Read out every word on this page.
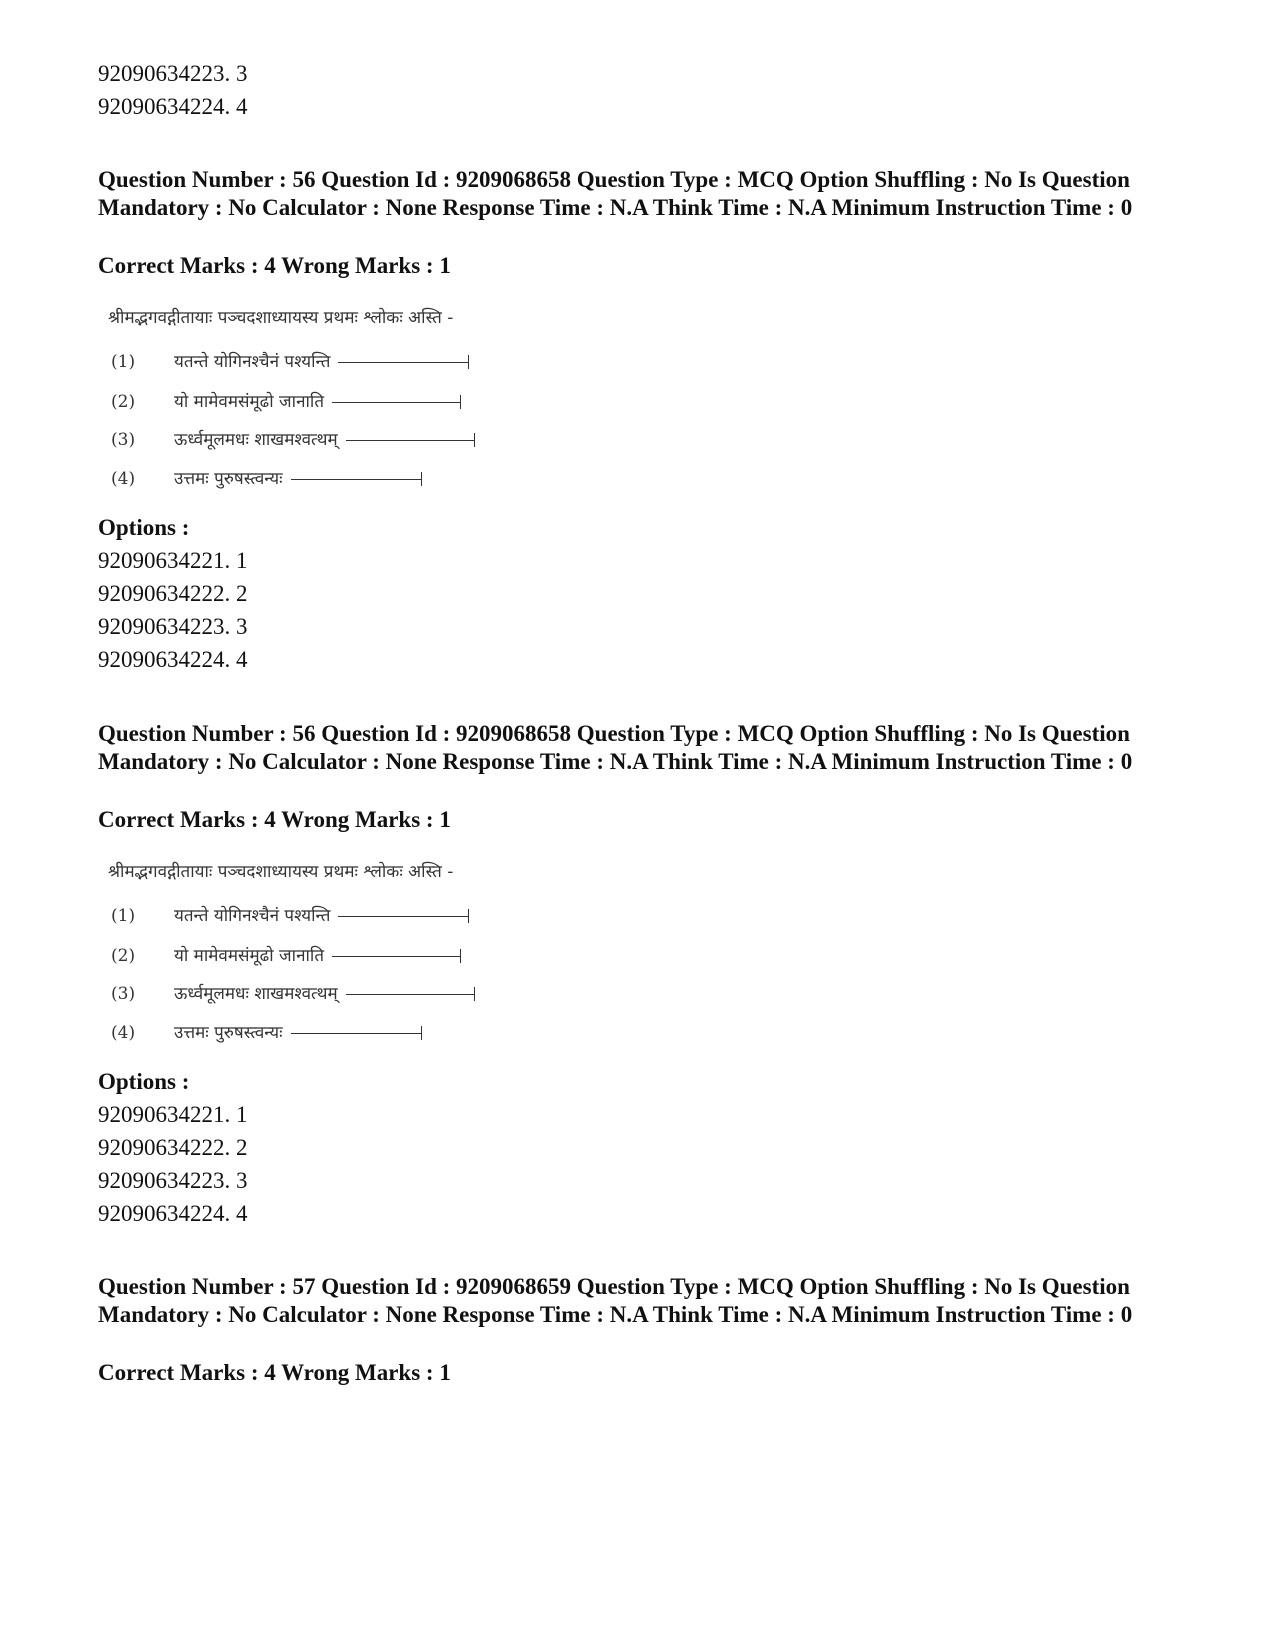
92090634223. 3
92090634224. 4
Question Number : 56 Question Id : 9209068658 Question Type : MCQ Option Shuffling : No Is Question Mandatory : No Calculator : None Response Time : N.A Think Time : N.A Minimum Instruction Time : 0
Correct Marks : 4 Wrong Marks : 1
श्रीमद्भगवद्गीतायाः पञ्चदशाध्यायस्य प्रथमः श्लोकः अस्ति -
(1) यतन्ते योगिनश्चैनं पश्यन्ति
(2) यो मामेवमसंमूढो जानाति
(3) ऊर्ध्वमूलमधः शाखमश्वत्थम्
(4) उत्तमः पुरुषस्त्वन्यः
Options :
92090634221. 1
92090634222. 2
92090634223. 3
92090634224. 4
Question Number : 56 Question Id : 9209068658 Question Type : MCQ Option Shuffling : No Is Question Mandatory : No Calculator : None Response Time : N.A Think Time : N.A Minimum Instruction Time : 0
Correct Marks : 4 Wrong Marks : 1
श्रीमद्भगवद्गीतायाः पञ्चदशाध्यायस्य प्रथमः श्लोकः अस्ति -
(1) यतन्ते योगिनश्चैनं पश्यन्ति
(2) यो मामेवमसंमूढो जानाति
(3) ऊर्ध्वमूलमधः शाखमश्वत्थम्
(4) उत्तमः पुरुषस्त्वन्यः
Options :
92090634221. 1
92090634222. 2
92090634223. 3
92090634224. 4
Question Number : 57 Question Id : 9209068659 Question Type : MCQ Option Shuffling : No Is Question Mandatory : No Calculator : None Response Time : N.A Think Time : N.A Minimum Instruction Time : 0
Correct Marks : 4 Wrong Marks : 1
